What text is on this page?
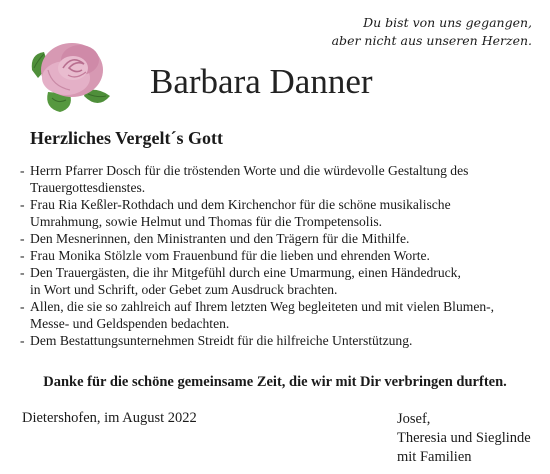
Du bist von uns gegangen,
aber nicht aus unseren Herzen.
Barbara Danner
Herzliches Vergelt´s Gott
- Herrn Pfarrer Dosch für die tröstenden Worte und die würdevolle Gestaltung des
Trauergottesdienstes.
- Frau Ria Keßler-Rothdach und dem Kirchenchor für die schöne musikalische
Umrahmung, sowie Helmut und Thomas für die Trompetensolis.
- Den Mesnerinnen, den Ministranten und den Trägern für die Mithilfe.
- Frau Monika Stölzle vom Frauenbund für die lieben und ehrenden Worte.
- Den Trauergästen, die ihr Mitgefühl durch eine Umarmung, einen Händedruck,
in Wort und Schrift, oder Gebet zum Ausdruck brachten.
- Allen, die sie so zahlreich auf Ihrem letzten Weg begleiteten und mit vielen Blumen-,
Messe- und Geldspenden bedachten.
- Dem Bestattungsunternehmen Streidt für die hilfreiche Unterstützung.
Danke für die schöne gemeinsame Zeit, die wir mit Dir verbringen durften.
Dietershofen, im August 2022	Josef,
Theresia und Sieglinde
mit Familien
